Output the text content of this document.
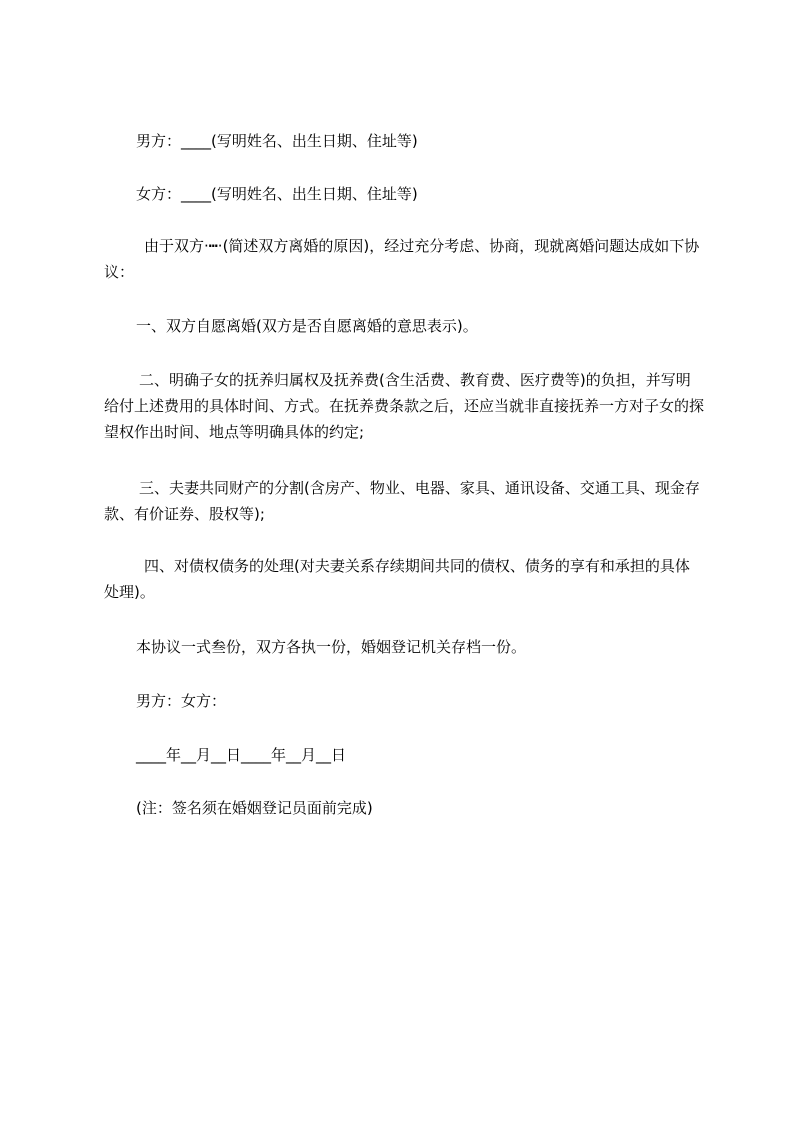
男方：____(写明姓名、出生日期、住址等)

女方：____(写明姓名、出生日期、住址等)

由于双方·┅·(简述双方离婚的原因)，经过充分考虑、协商，现就离婚问题达成如下协议：

一、双方自愿离婚(双方是否自愿离婚的意思表示)。

二、明确子女的抚养归属权及抚养费(含生活费、教育费、医疗费等)的负担，并写明给付上述费用的具体时间、方式。在抚养费条款之后，还应当就非直接抚养一方对子女的探望权作出时间、地点等明确具体的约定;

三、夫妻共同财产的分割(含房产、物业、电器、家具、通讯设备、交通工具、现金存款、有价证券、股权等);

四、对债权债务的处理(对夫妻关系存续期间共同的债权、债务的享有和承担的具体处理)。

本协议一式叁份，双方各执一份，婚姻登记机关存档一份。

男方：女方：

____年__月__日____年__月__日

(注：签名须在婚姻登记员面前完成)
